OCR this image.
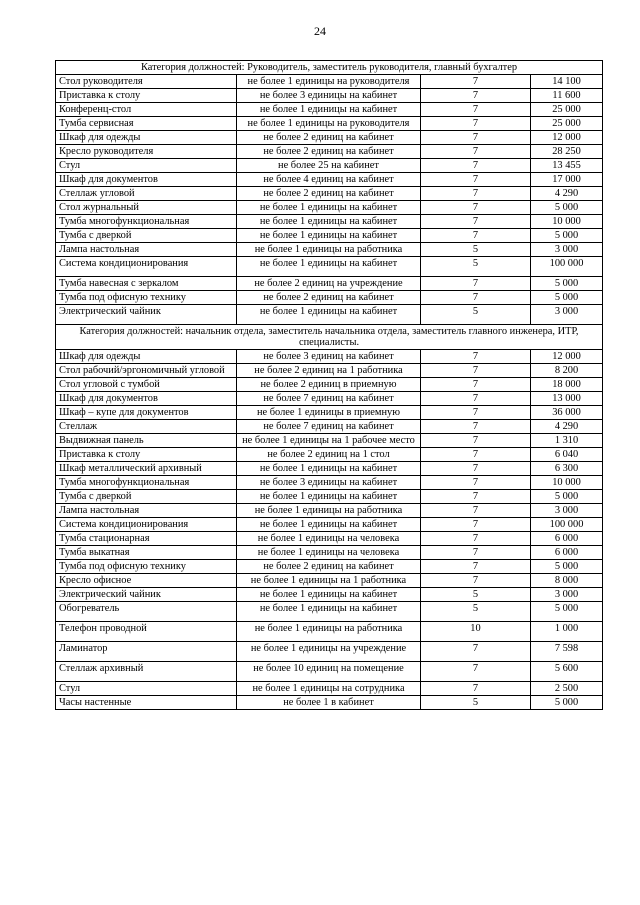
24
Категория должностей: Руководитель, заместитель руководителя, главный бухгалтер			
Стол руководителя	не более 1 единицы на руководителя	7	14 100
Приставка к столу	не более 3 единицы на кабинет	7	11 600
Конференц-стол	не более 1 единицы на кабинет	7	25 000
Тумба сервисная	не более 1 единицы на руководителя	7	25 000
Шкаф для одежды	не более 2 единиц на кабинет	7	12 000
Кресло руководителя	не более 2 единиц на кабинет	7	28 250
Стул	не более 25 на кабинет	7	13 455
Шкаф для документов	не более 4 единиц на кабинет	7	17 000
Стеллаж угловой	не более 2 единиц на кабинет	7	4 290
Стол журнальный	не более 1 единицы на кабинет	7	5 000
Тумба многофункциональная	не более 1 единицы на кабинет	7	10 000
Тумба с дверкой	не более 1 единицы на кабинет	7	5 000
Лампа настольная	не более 1 единицы на работника	5	3 000
Система кондиционирования	не более 1 единицы на кабинет	5	100 000
Тумба навесная с зеркалом	не более 2 единиц на учреждение	7	5 000
Тумба под офисную технику	не более 2 единиц на кабинет	7	5 000
Электрический чайник	не более 1 единицы на кабинет	5	3 000
Категория должностей: начальник отдела, заместитель начальника отдела, заместитель главного инженера, ИТР, специалисты.			
Шкаф для одежды	не более 3 единиц на кабинет	7	12 000
Стол рабочий/эргономичный угловой	не более 2 единиц на 1 работника	7	8 200
Стол угловой с тумбой	не более 2 единиц в приемную	7	18 000
Шкаф для документов	не более 7 единиц на кабинет	7	13 000
Шкаф – купе для документов	не более 1 единицы в приемную	7	36 000
Стеллаж	не более 7 единиц на кабинет	7	4 290
Выдвижная панель	не более 1 единицы на 1 рабочее место	7	1 310
Приставка к столу	не более 2 единиц на 1 стол	7	6 040
Шкаф металлический архивный	не более 1 единицы на кабинет	7	6 300
Тумба многофункциональная	не более 3 единицы на кабинет	7	10 000
Тумба с дверкой	не более 1 единицы на кабинет	7	5 000
Лампа настольная	не более 1 единицы на работника	7	3 000
Система кондиционирования	не более 1 единицы на кабинет	7	100 000
Тумба стационарная	не более 1 единицы на человека	7	6 000
Тумба выкатная	не более 1 единицы на человека	7	6 000
Тумба под офисную технику	не более 2 единиц на кабинет	7	5 000
Кресло офисное	не более 1 единицы на 1 работника	7	8 000
Электрический чайник	не более 1 единицы на кабинет	5	3 000
Обогреватель	не более 1 единицы на кабинет	5	5 000
Телефон проводной	не более 1 единицы на работника	10	1 000
Ламинатор	не более 1 единицы на учреждение	7	7 598
Стеллаж архивный	не более 10 единиц на помещение	7	5 600
Стул	не более 1 единицы на сотрудника	7	2 500
Часы настенные	не более 1 в кабинет	5	5 000
